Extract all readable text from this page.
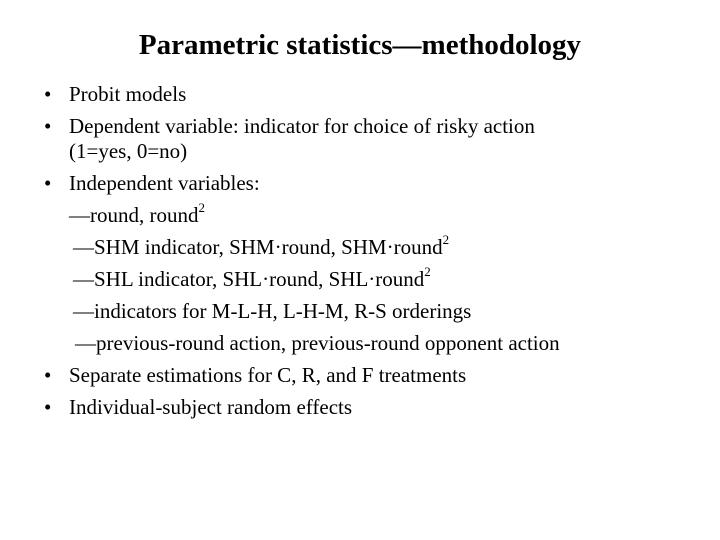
Parametric statistics—methodology
• Probit models
• Dependent variable: indicator for choice of risky action
(1=yes, 0=no)
• Independent variables:
—round, round$^2$
—SHM indicator, SHM·round, SHM·round$^2$
—SHL indicator, SHL·round, SHL·round$^2$
—indicators for M-L-H, L-H-M, R-S orderings
—previous-round action, previous-round opponent action
• Separate estimations for C, R, and F treatments
• Individual-subject random effects
